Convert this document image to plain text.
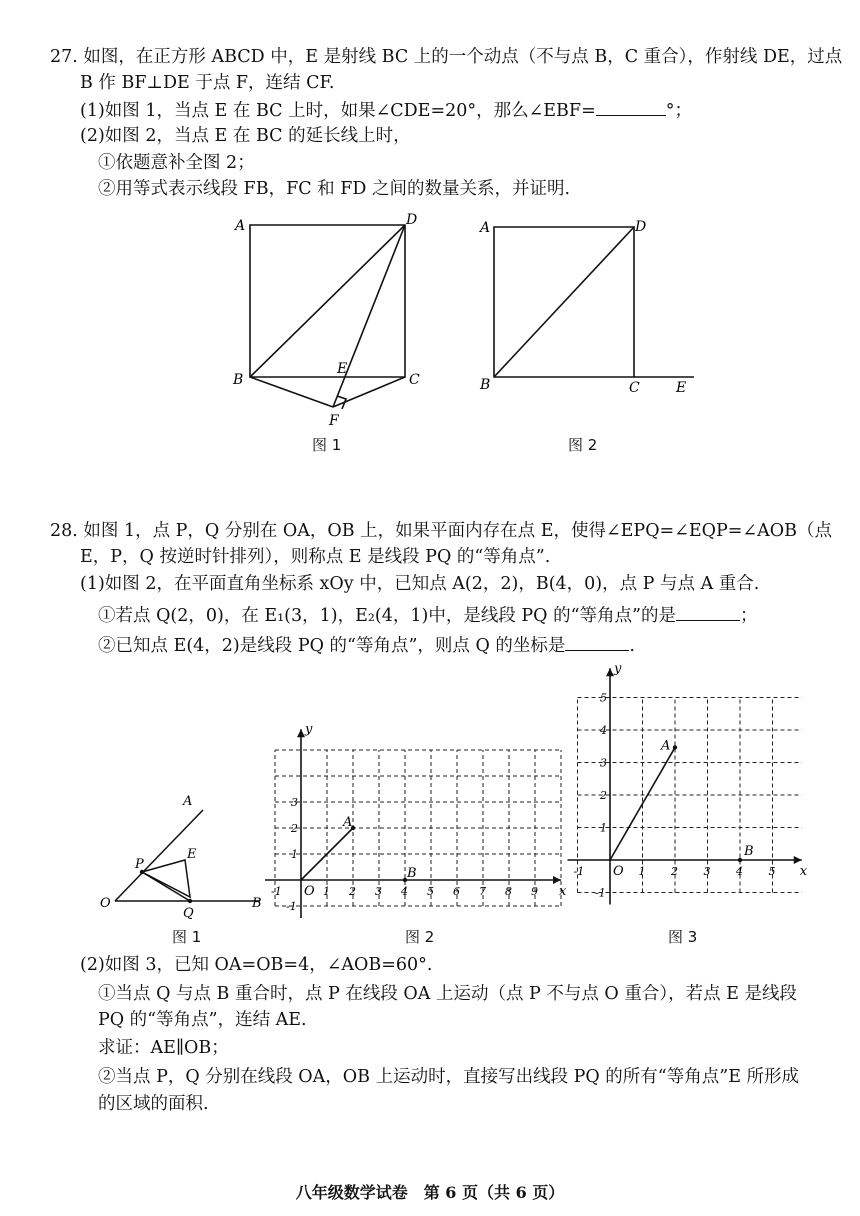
27. 如图，在正方形 ABCD 中，E 是射线 BC 上的一个动点（不与点 B，C 重合），作射线 DE，过点
B 作 BF⊥DE 于点 F，连结 CF.
(1)如图 1，当点 E 在 BC 上时，如果∠CDE=20°，那么∠EBF=	°；
(2)如图 2，当点 E 在 BC 的延长线上时，
①依题意补全图 2；
②用等式表示线段 FB，FC 和 FD 之间的数量关系，并证明.
A	D
B	C
E
F
图 1
A	D
B	C	E
图 2
28. 如图 1，点 P，Q 分别在 OA，OB 上，如果平面内存在点 E，使得∠EPQ=∠EQP=∠AOB（点
E，P，Q 按逆时针排列），则称点 E 是线段 PQ 的“等角点”.
(1)如图 2，在平面直角坐标系 xOy 中，已知点 A(2，2)，B(4，0)，点 P 与点 A 重合.
①若点 Q(2，0)，在 E₁(3，1)，E₂(4，1)中，是线段 PQ 的“等角点”的是	；
②已知点 E(4，2)是线段 PQ 的“等角点”，则点 Q 的坐标是	.
A
O	B
P
E
Q
图 1
x
y
O
-1	1 2 3 4 5 6 7 8 9
3
2
1
-1
A
B
图 2
x
y
O
-1	1 2 3 4 5
5
4
3
2
1
-1
A
B
图 3
(2)如图 3，已知 OA=OB=4，∠AOB=60°.
①当点 Q 与点 B 重合时，点 P 在线段 OA 上运动（点 P 不与点 O 重合），若点 E 是线段
PQ 的“等角点”，连结 AE.
求证：AE∥OB；
②当点 P，Q 分别在线段 OA，OB 上运动时，直接写出线段 PQ 的所有“等角点”E 所形成
的区域的面积.
八年级数学试卷　第 6 页（共 6 页）
